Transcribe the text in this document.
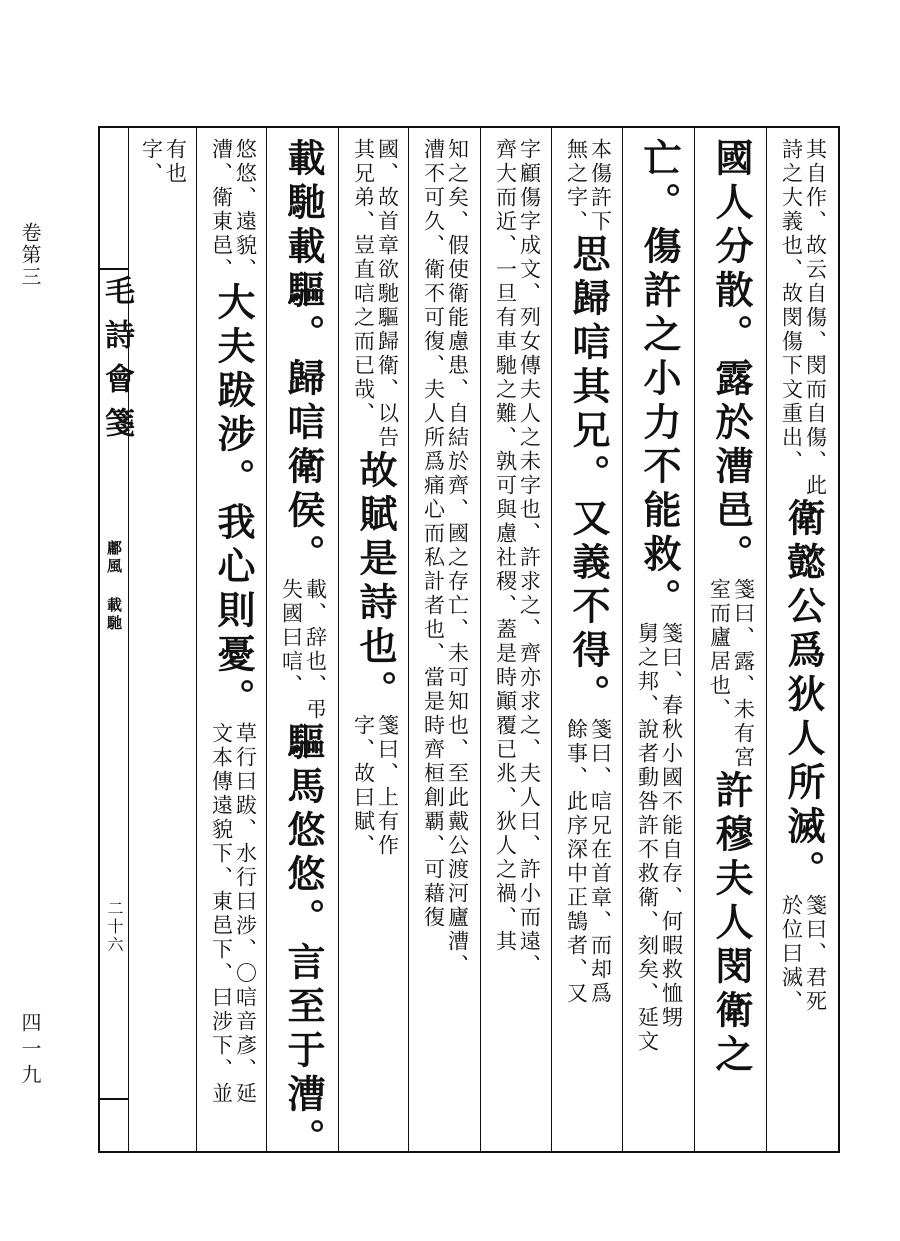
卷第三
四一九
毛詩會箋
鄘風 載馳
二十六
其自作、故云自傷、閔而自傷、此
詩之大義也、故閔傷下文重出、
衛懿公爲狄人所滅。
箋曰、君死
於位曰滅、
國人分散。露於漕邑。
箋曰、露、未有宮
室而廬居也、
許穆夫人閔衛之
亡。傷許之小力不能救。
箋曰、春秋小國不能自存、何暇救恤甥
舅之邦、說者動咎許不救衛、刻矣、延文
本傷許下
無之字、
思歸唁其兄。又義不得。
箋曰、唁兄在首章、而却爲
餘事、此序深中正鵠者、又
字顧傷字成文、列女傳夫人之未字也、許求之、齊亦求之、夫人曰、許小而遠、
齊大而近、一旦有車馳之難、孰可與慮社稷、蓋是時顚覆已兆、狄人之禍、其
知之矣、假使衛能慮患、自結於齊、國之存亡、未可知也、至此戴公渡河廬漕、
漕不可久、衛不可復、夫人所爲痛心而私計者也、當是時齊桓創覇、可藉復
國、故首章欲馳驅歸衛、以告
其兄弟、豈直唁之而已哉、
故賦是詩也。
箋曰、上有作
字、故曰賦、
載馳載驅。歸唁衛侯。
載、辞也、弔
失國曰唁、
驅馬悠悠。言至于漕。
悠悠、遠貌、
漕、衛東邑、
大夫跋涉。我心則憂。
草行曰跋、水行曰涉、〇唁音彥、延
文本傳遠貌下、東邑下、曰涉下、並
有也
字、
